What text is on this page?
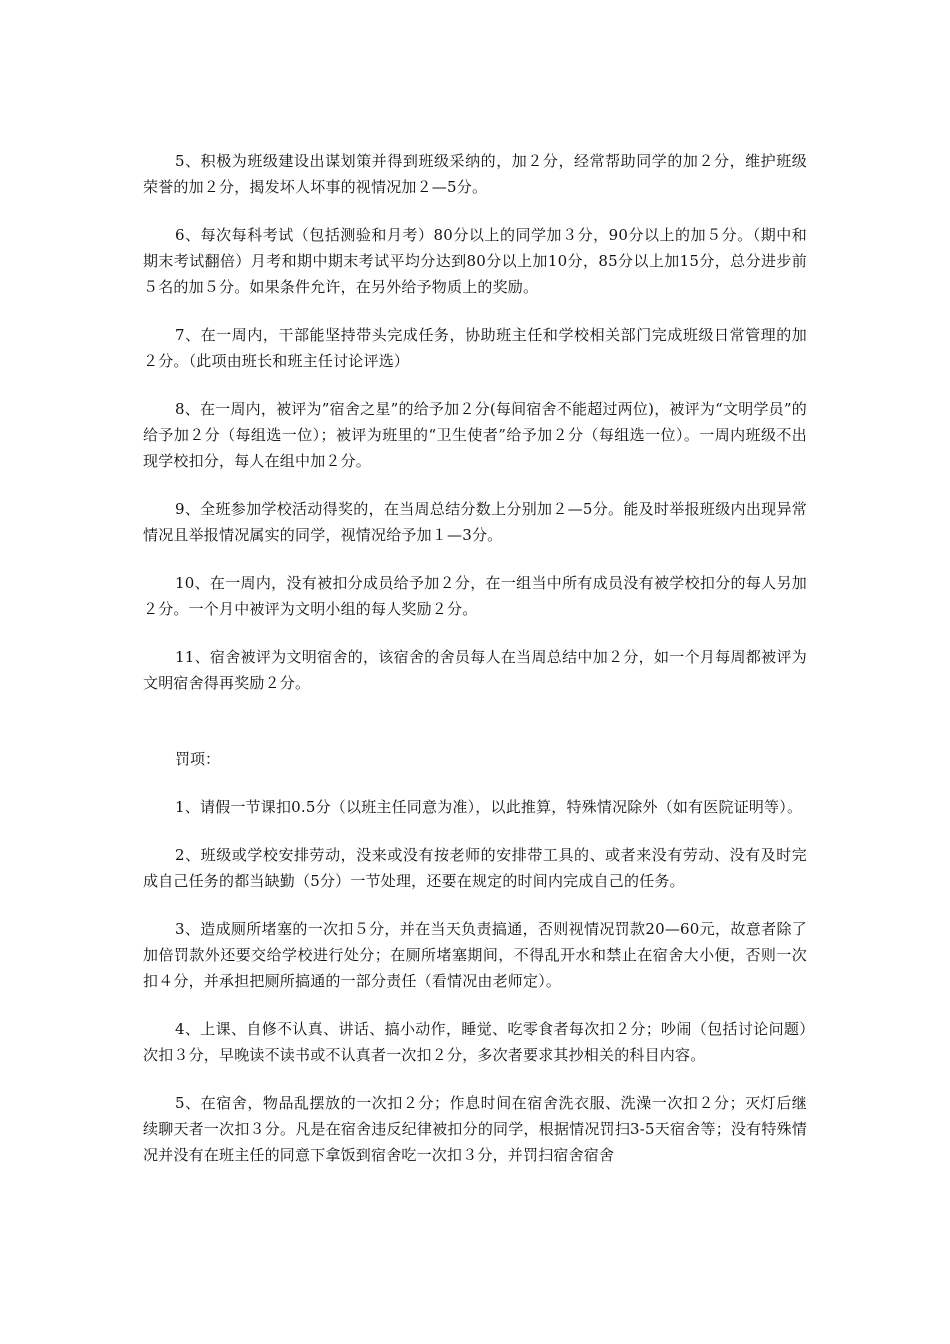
5、积极为班级建设出谋划策并得到班级采纳的，加２分，经常帮助同学的加２分，维护班级荣誉的加２分，揭发坏人坏事的视情况加２—5分。

6、每次每科考试（包括测验和月考）80分以上的同学加３分，90分以上的加５分。（期中和期末考试翻倍）月考和期中期末考试平均分达到80分以上加10分，85分以上加15分，总分进步前５名的加５分。如果条件允许，在另外给予物质上的奖励。

7、在一周内，干部能坚持带头完成任务，协助班主任和学校相关部门完成班级日常管理的加２分。（此项由班长和班主任讨论评选）

8、在一周内，被评为”宿舍之星”的给予加２分(每间宿舍不能超过两位)，被评为“文明学员”的给予加２分（每组选一位）；被评为班里的“卫生使者”给予加２分（每组选一位）。一周内班级不出现学校扣分，每人在组中加２分。

9、全班参加学校活动得奖的，在当周总结分数上分别加２—5分。能及时举报班级内出现异常情况且举报情况属实的同学，视情况给予加１—3分。

10、在一周内，没有被扣分成员给予加２分，在一组当中所有成员没有被学校扣分的每人另加２分。一个月中被评为文明小组的每人奖励２分。

11、宿舍被评为文明宿舍的，该宿舍的舍员每人在当周总结中加２分，如一个月每周都被评为文明宿舍得再奖励２分。

罚项：

1、请假一节课扣0.5分（以班主任同意为准），以此推算，特殊情况除外（如有医院证明等）。

2、班级或学校安排劳动，没来或没有按老师的安排带工具的、或者来没有劳动、没有及时完成自己任务的都当缺勤（5分）一节处理，还要在规定的时间内完成自己的任务。

3、造成厕所堵塞的一次扣５分，并在当天负责搞通，否则视情况罚款20—60元，故意者除了加倍罚款外还要交给学校进行处分；在厕所堵塞期间，不得乱开水和禁止在宿舍大小便，否则一次扣４分，并承担把厕所搞通的一部分责任（看情况由老师定）。

4、上课、自修不认真、讲话、搞小动作，睡觉、吃零食者每次扣２分；吵闹（包括讨论问题）次扣３分，早晚读不读书或不认真者一次扣２分，多次者要求其抄相关的科目内容。

5、在宿舍，物品乱摆放的一次扣２分；作息时间在宿舍洗衣服、洗澡一次扣２分；灭灯后继续聊天者一次扣３分。凡是在宿舍违反纪律被扣分的同学，根据情况罚扫3-5天宿舍等；没有特殊情况并没有在班主任的同意下拿饭到宿舍吃一次扣３分，并罚扫宿舍宿舍
